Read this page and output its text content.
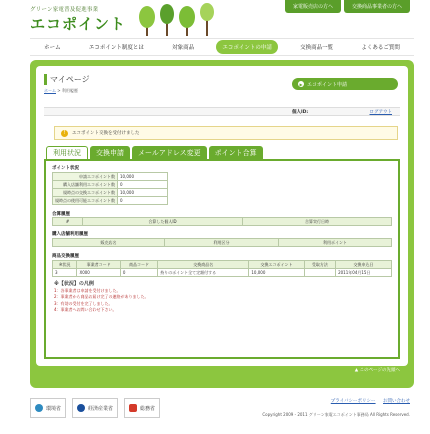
グリーン家電普及促進事業
エコポイント
家電販売店の方へ	交換商品事業者の方へ
ホーム	エコポイント制度とは	対象商品	エコポイントの申請	交換商品一覧	よくあるご質問
マイページ
ホーム > 利用履歴
▶ エコポイント申請
個人ID:	ログアウト
!	エコポイント交換を受付けました
利用状況	交換申請	メールアドレス変更	ポイント合算
ポイント状況
申請エコポイント数	10,000
購入店舗利用エコポイント数	0
規時点の交換エコポイント数	10,000
規時点の使用可能エコポイント数	0
合算履歴
#	合算した個人ID	合算実行日時
購入店舗利用履歴
販売店名	利用区分	利用ポイント
商品交換履歴
※状況	事業者コード	商品コード	交換商品名	交換エコポイント	受取方法	交換申込日
3	X000	0	持りのポイント全て定額付する	10,000		2011年04月15日
※【状況】の凡例
1：各事業者は申請を受付けました。
2：事業者から商品お届け完了の連絡がありました。
3：有効の受付を完了しました。
4：事業者へお問い合わせ下さい。
▲ このページの先頭へ
環境省	経済産業省	総務省
プライバシーポリシー お問い合わせ
Copyright 2009 - 2011 グリーン家電エコポイント事務局 All Rights Reserved.
